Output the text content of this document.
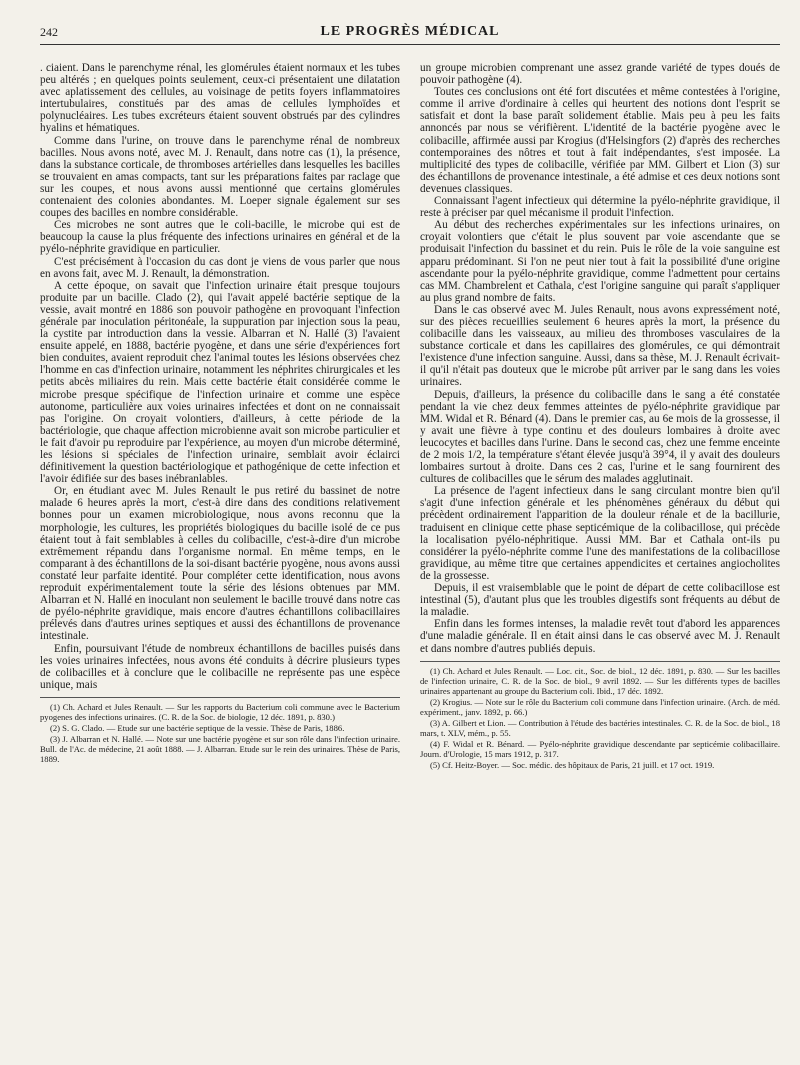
242	LE PROGRÈS MÉDICAL

. ciaient. Dans le parenchyme rénal, les glomérules étaient normaux et les tubes peu altérés ; en quelques points seulement, ceux-ci présentaient une dilatation avec aplatissement des cellules, au voisinage de petits foyers inflammatoires intertubulaires, constitués par des amas de cellules lymphoïdes et polynucléaires. Les tubes excréteurs étaient souvent obstrués par des cylindres hyalins et hématiques.

Comme dans l'urine, on trouve dans le parenchyme rénal de nombreux bacilles. Nous avons noté, avec M. J. Renault, dans notre cas (1), la présence, dans la substance corticale, de thromboses artérielles dans lesquelles les bacilles se trouvaient en amas compacts, tant sur les préparations faites par raclage que sur les coupes, et nous avons aussi mentionné que certains glomérules contenaient des colonies abondantes. M. Loeper signale également sur ses coupes des bacilles en nombre considérable.

Ces microbes ne sont autres que le coli-bacille, le microbe qui est de beaucoup la cause la plus fréquente des infections urinaires en général et de la pyélo-néphrite gravidique en particulier.

C'est précisément à l'occasion du cas dont je viens de vous parler que nous en avons fait, avec M. J. Renault, la démonstration.

A cette époque, on savait que l'infection urinaire était presque toujours produite par un bacille. Clado (2), qui l'avait appelé bactérie septique de la vessie, avait montré en 1886 son pouvoir pathogène en provoquant l'infection générale par inoculation péritonéale, la suppuration par injection sous la peau, la cystite par introduction dans la vessie. Albarran et N. Hallé (3) l'avaient ensuite appelé, en 1888, bactérie pyogène, et dans une série d'expériences fort bien conduites, avaient reproduit chez l'animal toutes les lésions observées chez l'homme en cas d'infection urinaire, notamment les néphrites chirurgicales et les petits abcès miliaires du rein. Mais cette bactérie était considérée comme le microbe presque spécifique de l'infection urinaire et comme une espèce autonome, particulière aux voies urinaires infectées et dont on ne connaissait pas l'origine. On croyait volontiers, d'ailleurs, à cette période de la bactériologie, que chaque affection microbienne avait son microbe particulier et le fait d'avoir pu reproduire par l'expérience, au moyen d'un microbe déterminé, les lésions si spéciales de l'infection urinaire, semblait avoir éclairci définitivement la question bactériologique et pathogénique de cette infection et l'avoir édifiée sur des bases inébranlables.

Or, en étudiant avec M. Jules Renault le pus retiré du bassinet de notre malade 6 heures après la mort, c'est-à dire dans des conditions relativement bonnes pour un examen microbiologique, nous avons reconnu que la morphologie, les cultures, les propriétés biologiques du bacille isolé de ce pus étaient tout à fait semblables à celles du colibacille, c'est-à-dire d'un microbe extrêmement répandu dans l'organisme normal. En même temps, en le comparant à des échantillons de la soi-disant bactérie pyogène, nous avons aussi constaté leur parfaite identité. Pour compléter cette identification, nous avons reproduit expérimentalement toute la série des lésions obtenues par MM. Albarran et N. Hallé en inoculant non seulement le bacille trouvé dans notre cas de pyélo-néphrite gravidique, mais encore d'autres échantillons colibacillaires prélevés dans d'autres urines septiques et aussi des échantillons de provenance intestinale.

Enfin, poursuivant l'étude de nombreux échantillons de bacilles puisés dans les voies urinaires infectées, nous avons été conduits à décrire plusieurs types de colibacilles et à conclure que le colibacille ne représente pas une espèce unique, mais

(1) Ch. Achard et Jules Renault. — Sur les rapports du Bacterium coli commune avec le Bacterium pyogenes des infections urinaires. (C. R. de la Soc. de biologie, 12 déc. 1891, p. 830.)

(2) S. G. Clado. — Etude sur une bactérie septique de la vessie. Thèse de Paris, 1886.

(3) J. Albarran et N. Hallé. — Note sur une bactérie pyogène et sur son rôle dans l'infection urinaire. Bull. de l'Ac. de médecine, 21 août 1888. — J. Albarran. Etude sur le rein des urinaires. Thèse de Paris, 1889.

un groupe microbien comprenant une assez grande variété de types doués de pouvoir pathogène (4).

Toutes ces conclusions ont été fort discutées et même contestées à l'origine, comme il arrive d'ordinaire à celles qui heurtent des notions dont l'esprit se satisfait et dont la base paraît solidement établie. Mais peu à peu les faits annoncés par nous se vérifièrent. L'identité de la bactérie pyogène avec le colibacille, affirmée aussi par Krogius (d'Helsingfors (2) d'après des recherches contemporaines des nôtres et tout à fait indépendantes, s'est imposée. La multiplicité des types de colibacille, vérifiée par MM. Gilbert et Lion (3) sur des échantillons de provenance intestinale, a été admise et ces deux notions sont devenues classiques.

Connaissant l'agent infectieux qui détermine la pyélo-néphrite gravidique, il reste à préciser par quel mécanisme il produit l'infection.

Au début des recherches expérimentales sur les infections urinaires, on croyait volontiers que c'était le plus souvent par voie ascendante que se produisait l'infection du bassinet et du rein. Puis le rôle de la voie sanguine est apparu prédominant. Si l'on ne peut nier tout à fait la possibilité d'une origine ascendante pour la pyélo-néphrite gravidique, comme l'admettent pour certains cas MM. Chambrelent et Cathala, c'est l'origine sanguine qui paraît s'appliquer au plus grand nombre de faits.

Dans le cas observé avec M. Jules Renault, nous avons expressément noté, sur des pièces recueillies seulement 6 heures après la mort, la présence du colibacille dans les vaisseaux, au milieu des thromboses vasculaires de la substance corticale et dans les capillaires des glomérules, ce qui démontrait l'existence d'une infection sanguine. Aussi, dans sa thèse, M. J. Renault écrivait-il qu'il n'était pas douteux que le microbe pût arriver par le sang dans les voies urinaires.

Depuis, d'ailleurs, la présence du colibacille dans le sang a été constatée pendant la vie chez deux femmes atteintes de pyélo-néphrite gravidique par MM. Widal et R. Bénard (4). Dans le premier cas, au 6e mois de la grossesse, il y avait une fièvre à type continu et des douleurs lombaires à droite avec leucocytes et bacilles dans l'urine. Dans le second cas, chez une femme enceinte de 2 mois 1/2, la température s'étant élevée jusqu'à 39°4, il y avait des douleurs lombaires surtout à droite. Dans ces 2 cas, l'urine et le sang fournirent des cultures de colibacilles que le sérum des malades agglutinait.

La présence de l'agent infectieux dans le sang circulant montre bien qu'il s'agit d'une infection générale et les phénomènes généraux du début qui précèdent ordinairement l'apparition de la douleur rénale et de la bacillurie, traduisent en clinique cette phase septicémique de la colibacillose, qui précède la localisation pyélo-néphritique. Aussi MM. Bar et Cathala ont-ils pu considérer la pyélo-néphrite comme l'une des manifestations de la colibacillose gravidique, au même titre que certaines appendicites et certaines angiocholites de la grossesse.

Depuis, il est vraisemblable que le point de départ de cette colibacillose est intestinal (5), d'autant plus que les troubles digestifs sont fréquents au début de la maladie.

Enfin dans les formes intenses, la maladie revêt tout d'abord les apparences d'une maladie générale. Il en était ainsi dans le cas observé avec M. J. Renault et dans nombre d'autres publiés depuis.

(1) Ch. Achard et Jules Renault. — Loc. cit., Soc. de biol., 12 déc. 1891, p. 830. — Sur les bacilles de l'infection urinaire, C. R. de la Soc. de biol., 9 avril 1892. — Sur les différents types de bacilles urinaires appartenant au groupe du Bacterium coli. Ibid., 17 déc. 1892.

(2) Krogius. — Note sur le rôle du Bacterium coli commune dans l'infection urinaire. (Arch. de méd. expériment., janv. 1892, p. 66.)

(3) A. Gilbert et Lion. — Contribution à l'étude des bactéries intestinales. C. R. de la Soc. de biol., 18 mars, t. XLV, mém., p. 55.

(4) F. Widal et R. Bénard. — Pyélo-néphrite gravidique descendante par septicémie colibacillaire. Journ. d'Urologie, 15 mars 1912, p. 317.

(5) Cf. Heitz-Boyer. — Soc. médic. des hôpitaux de Paris, 21 juill. et 17 oct. 1919.
